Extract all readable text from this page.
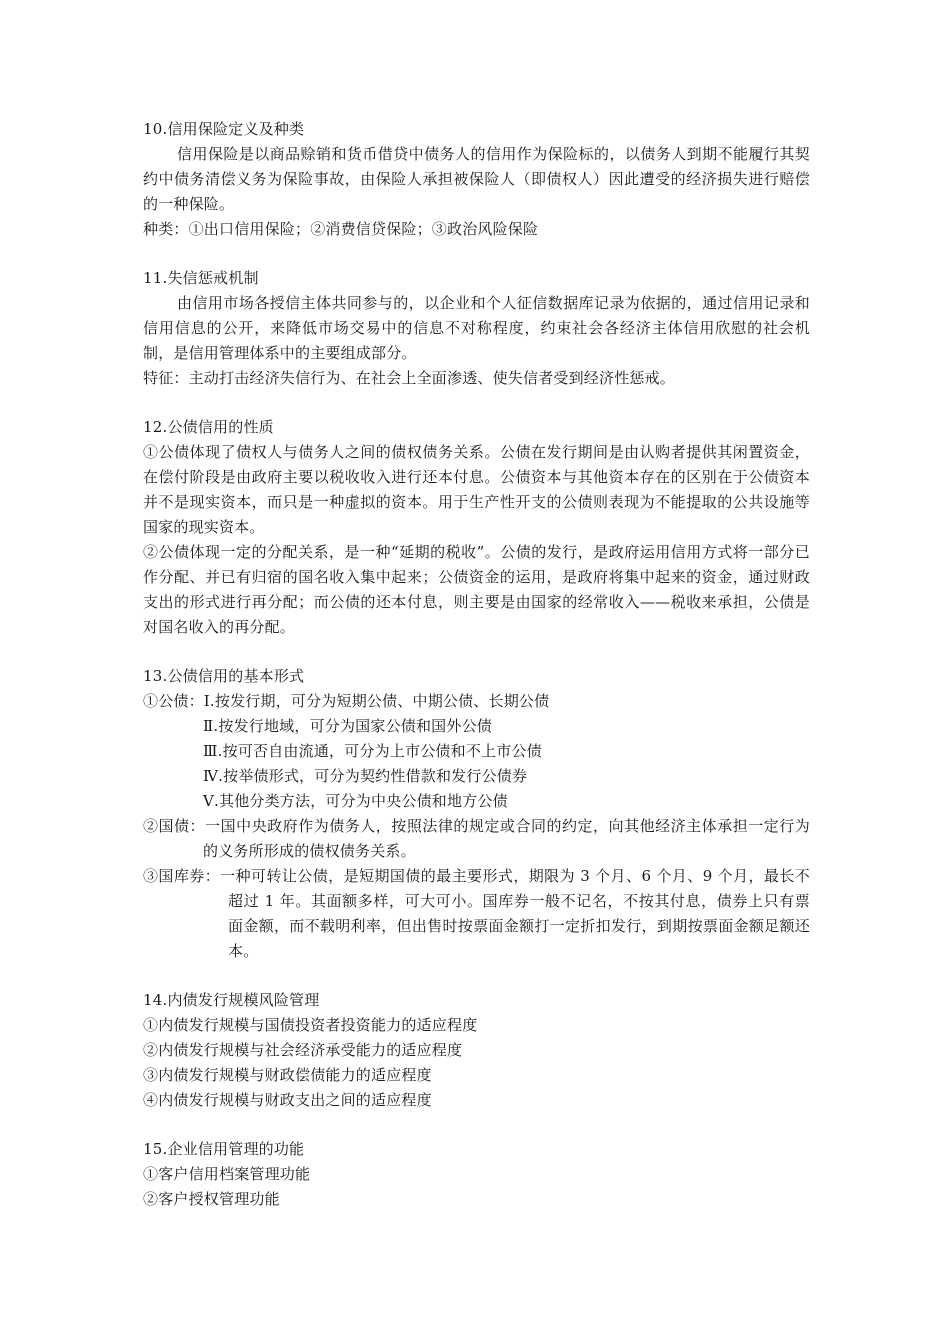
10.信用保险定义及种类

信用保险是以商品赊销和货币借贷中债务人的信用作为保险标的，以债务人到期不能履行其契约中债务清偿义务为保险事故，由保险人承担被保险人（即债权人）因此遭受的经济损失进行赔偿的一种保险。

种类：①出口信用保险；②消费信贷保险；③政治风险保险

11.失信惩戒机制

由信用市场各授信主体共同参与的，以企业和个人征信数据库记录为依据的，通过信用记录和信用信息的公开，来降低市场交易中的信息不对称程度，约束社会各经济主体信用欣慰的社会机制，是信用管理体系中的主要组成部分。

特征：主动打击经济失信行为、在社会上全面渗透、使失信者受到经济性惩戒。

12.公债信用的性质

①公债体现了债权人与债务人之间的债权债务关系。公债在发行期间是由认购者提供其闲置资金，在偿付阶段是由政府主要以税收收入进行还本付息。公债资本与其他资本存在的区别在于公债资本并不是现实资本，而只是一种虚拟的资本。用于生产性开支的公债则表现为不能提取的公共设施等国家的现实资本。

②公债体现一定的分配关系，是一种“延期的税收”。公债的发行，是政府运用信用方式将一部分已作分配、并已有归宿的国名收入集中起来；公债资金的运用，是政府将集中起来的资金，通过财政支出的形式进行再分配；而公债的还本付息，则主要是由国家的经常收入——税收来承担，公债是对国名收入的再分配。

13.公债信用的基本形式

①公债：Ⅰ.按发行期，可分为短期公债、中期公债、长期公债

Ⅱ.按发行地域，可分为国家公债和国外公债

Ⅲ.按可否自由流通，可分为上市公债和不上市公债

Ⅳ.按举债形式，可分为契约性借款和发行公债券

Ⅴ.其他分类方法，可分为中央公债和地方公债

②国债：一国中央政府作为债务人，按照法律的规定或合同的约定，向其他经济主体承担一定行为的义务所形成的债权债务关系。

③国库券：一种可转让公债，是短期国债的最主要形式，期限为 3 个月、6 个月、9 个月，最长不超过 1 年。其面额多样，可大可小。国库券一般不记名，不按其付息，债券上只有票面金额，而不载明利率，但出售时按票面金额打一定折扣发行，到期按票面金额足额还本。

14.内债发行规模风险管理

①内债发行规模与国债投资者投资能力的适应程度

②内债发行规模与社会经济承受能力的适应程度

③内债发行规模与财政偿债能力的适应程度

④内债发行规模与财政支出之间的适应程度

15.企业信用管理的功能

①客户信用档案管理功能

②客户授权管理功能
